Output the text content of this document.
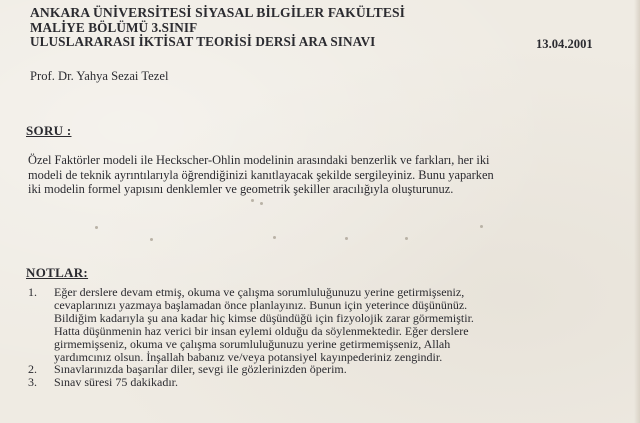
ANKARA ÜNİVERSİTESİ SİYASAL BİLGİLER FAKÜLTESİ
MALİYE BÖLÜMÜ 3.SINIF
ULUSLARARASI İKTİSAT TEORİSİ DERSİ ARA SINAVI	13.04.2001
Prof. Dr. Yahya Sezai Tezel
SORU :
Özel Faktörler modeli ile Heckscher-Ohlin modelinin arasındaki benzerlik ve farkları, her iki
modeli de teknik ayrıntılarıyla öğrendiğinizi kanıtlayacak şekilde sergileyiniz. Bunu yaparken
iki modelin formel yapısını denklemler ve geometrik şekiller aracılığıyla oluşturunuz.
NOTLAR:
1. Eğer derslere devam etmiş, okuma ve çalışma sorumluluğunuzu yerine getirmişseniz,
cevaplarınızı yazmaya başlamadan önce planlayınız. Bunun için yeterince düşününüz.
Bildiğim kadarıyla şu ana kadar hiç kimse düşündüğü için fizyolojik zarar görmemiştir.
Hatta düşünmenin haz verici bir insan eylemi olduğu da söylenmektedir. Eğer derslere
girmemişseniz, okuma ve çalışma sorumluluğunuzu yerine getirmemişseniz, Allah
yardımcınız olsun. İnşallah babanız ve/veya potansiyel kayınpederiniz zengindir.
2. Sınavlarınızda başarılar diler, sevgi ile gözlerinizden öperim.
3. Sınav süresi 75 dakikadır.
